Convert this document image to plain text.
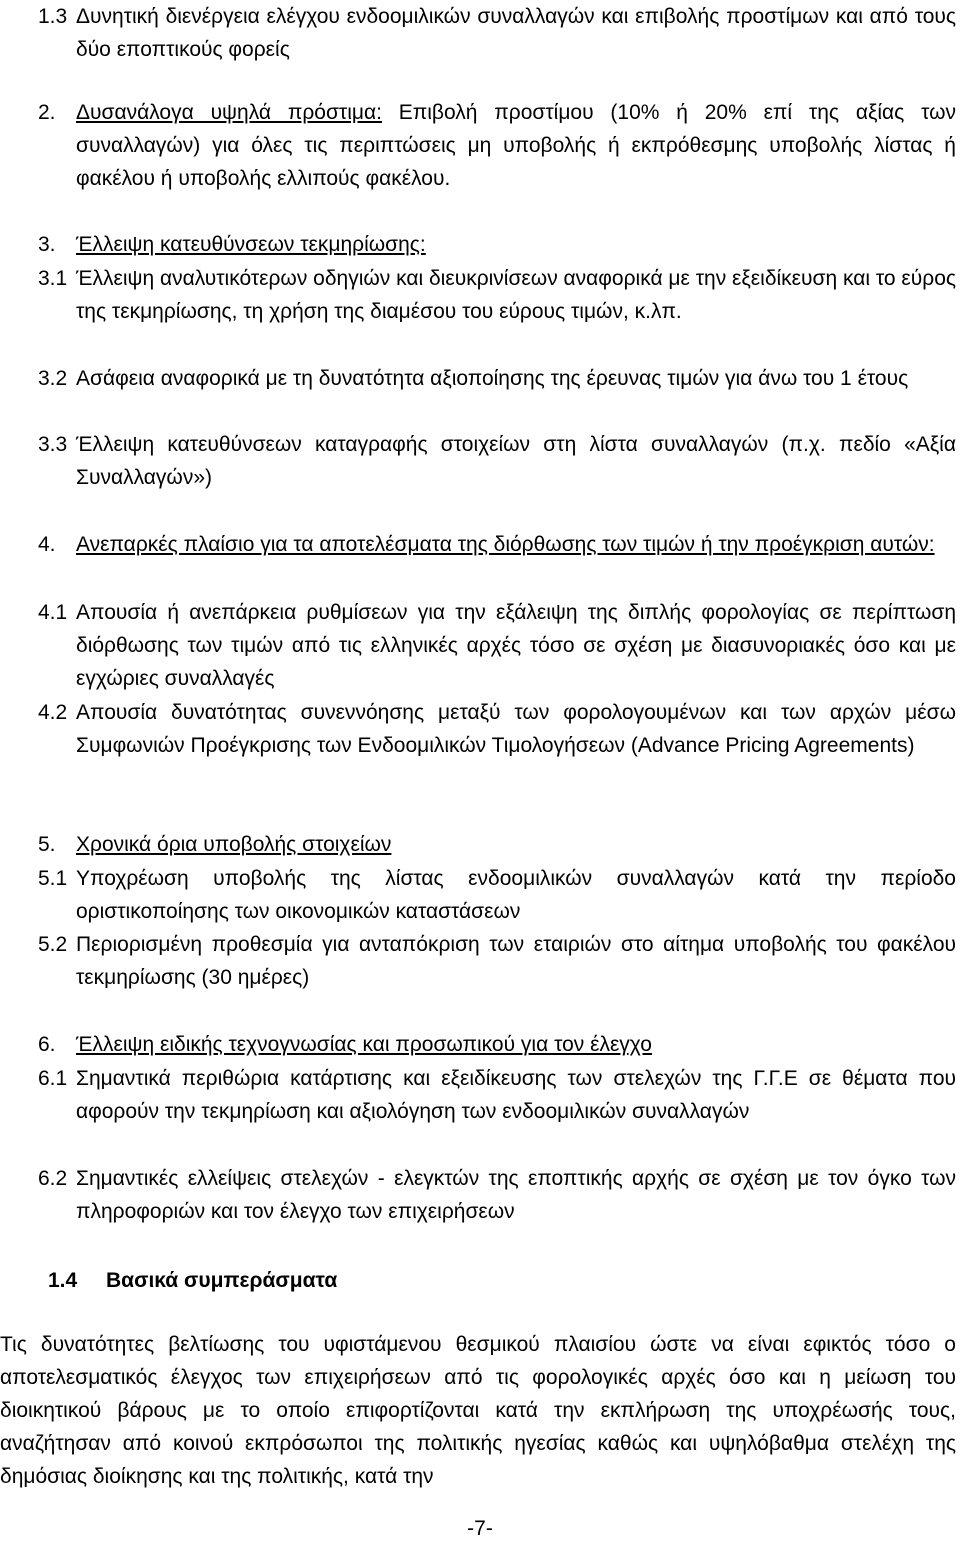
1.3 Δυνητική διενέργεια ελέγχου ενδοομιλικών συναλλαγών και επιβολής προστίμων και από τους δύο εποπτικούς φορείς
2. Δυσανάλογα υψηλά πρόστιμα: Επιβολή προστίμου (10% ή 20% επί της αξίας των συναλλαγών) για όλες τις περιπτώσεις μη υποβολής ή εκπρόθεσμης υποβολής λίστας ή φακέλου ή υποβολής ελλιπούς φακέλου.
3. Έλλειψη κατευθύνσεων τεκμηρίωσης:
3.1 Έλλειψη αναλυτικότερων οδηγιών και διευκρινίσεων αναφορικά με την εξειδίκευση και το εύρος της τεκμηρίωσης, τη χρήση της διαμέσου του εύρους τιμών, κ.λπ.
3.2 Ασάφεια αναφορικά με τη δυνατότητα αξιοποίησης της έρευνας τιμών για άνω του 1 έτους
3.3 Έλλειψη κατευθύνσεων καταγραφής στοιχείων στη λίστα συναλλαγών (π.χ. πεδίο «Αξία Συναλλαγών»)
4. Ανεπαρκές πλαίσιο για τα αποτελέσματα της διόρθωσης των τιμών ή την προέγκριση αυτών:
4.1 Απουσία ή ανεπάρκεια ρυθμίσεων για την εξάλειψη της διπλής φορολογίας σε περίπτωση διόρθωσης των τιμών από τις ελληνικές αρχές τόσο σε σχέση με διασυνοριακές όσο και με εγχώριες συναλλαγές
4.2 Απουσία δυνατότητας συνεννόησης μεταξύ των φορολογουμένων και των αρχών μέσω Συμφωνιών Προέγκρισης των Ενδοομιλικών Τιμολογήσεων (Advance Pricing Agreements)
5. Χρονικά όρια υποβολής στοιχείων
5.1 Υποχρέωση υποβολής της λίστας ενδοομιλικών συναλλαγών κατά την περίοδο οριστικοποίησης των οικονομικών καταστάσεων
5.2 Περιορισμένη προθεσμία για ανταπόκριση των εταιριών στο αίτημα υποβολής του φακέλου τεκμηρίωσης (30 ημέρες)
6. Έλλειψη ειδικής τεχνογνωσίας και προσωπικού για τον έλεγχο
6.1 Σημαντικά περιθώρια κατάρτισης και εξειδίκευσης των στελεχών της Γ.Γ.Ε σε θέματα που αφορούν την τεκμηρίωση και αξιολόγηση των ενδοομιλικών συναλλαγών
6.2 Σημαντικές ελλείψεις στελεχών - ελεγκτών της εποπτικής αρχής σε σχέση με τον όγκο των πληροφοριών και τον έλεγχο των επιχειρήσεων
1.4 Βασικά συμπεράσματα
Τις δυνατότητες βελτίωσης του υφιστάμενου θεσμικού πλαισίου ώστε να είναι εφικτός τόσο ο αποτελεσματικός έλεγχος των επιχειρήσεων από τις φορολογικές αρχές όσο και η μείωση του διοικητικού βάρους με το οποίο επιφορτίζονται κατά την εκπλήρωση της υποχρέωσής τους, αναζήτησαν από κοινού εκπρόσωποι της πολιτικής ηγεσίας καθώς και υψηλόβαθμα στελέχη της δημόσιας διοίκησης και της πολιτικής, κατά την
-7-
